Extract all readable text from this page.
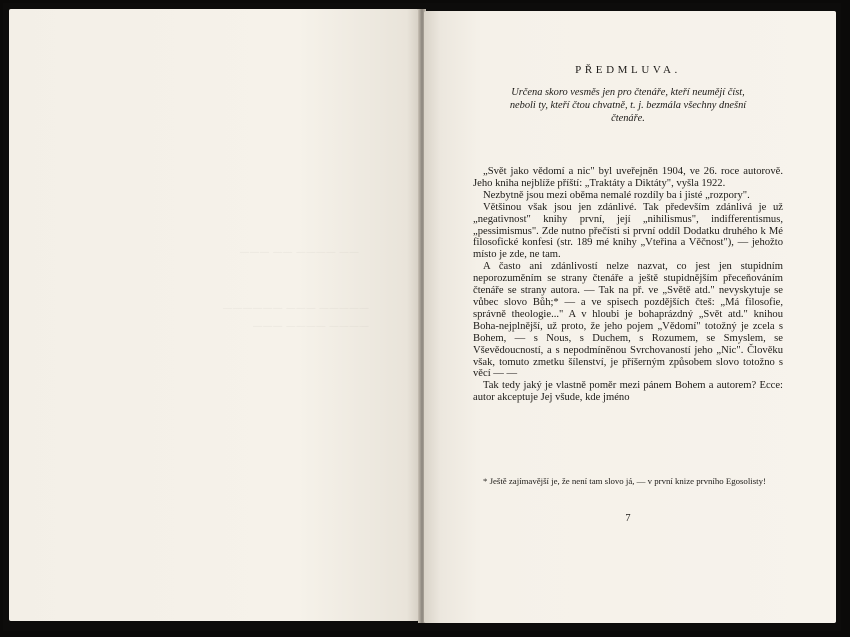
—— ———— —— ———
————— ——— ——————
———— ———— ———
PŘEDMLUVA.
Určena skoro vesměs jen pro čtenáře, kteří neumějí číst, neboli ty, kteří čtou chvatně, t. j. bezmála všechny dnešní čtenáře.

„Svět jako vědomí a nic" byl uveřejněn 1904, ve 26. roce autorově. Jeho kniha nejblíže příští: „Traktáty a Diktáty", vyšla 1922.

Nezbytně jsou mezi oběma nemalé rozdíly ba i jisté „rozpory".

Většinou však jsou jen zdánlivé. Tak především zdánlivá je už „negativnost" knihy první, její „nihilismus", indifferentismus, „pessimismus". Zde nutno přečísti si první oddíl Dodatku druhého k Mé filosofické konfesi (str. 189 mé knihy „Vteřina a Věčnost"), — jehožto místo je zde, ne tam.

A často ani zdánlivostí nelze nazvat, co jest jen stupidním neporozuměním se strany čtenáře a ještě stupidnějším přeceňováním čtenáře se strany autora. — Tak na př. ve „Světě atd." nevyskytuje se vůbec slovo Bůh;* — a ve spisech pozdějších čteš: „Má filosofie, správně theologie..." A v hloubi je bohaprázdný „Svět atd." knihou Boha-nejplnější, už proto, že jeho pojem „Vědomí" totožný je zcela s Bohem, — s Nous, s Duchem, s Rozumem, se Smyslem, se Vševědoucností, a s nepodmíněnou Svrchovaností jeho „Nic". Člověku však, tomuto zmetku šílenství, je příšerným způsobem slovo totožno s věcí — —

Tak tedy jaký je vlastně poměr mezi pánem Bohem a autorem? Ecce: autor akceptuje Jej všude, kde jméno

* Ještě zajímavější je, že není tam slovo já, — v první knize prvního Egosolisty!
7
